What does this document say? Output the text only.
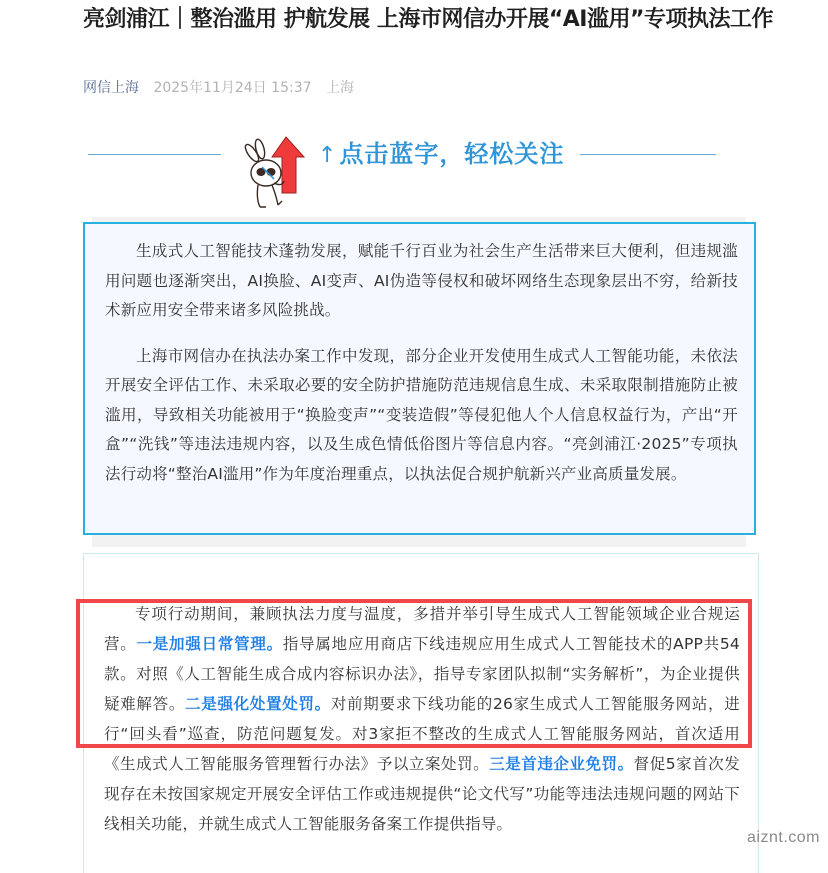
亮剑浦江｜整治滥用 护航发展 上海市网信办开展“AI滥用”专项执法工作
网信上海 2025年11月24日 15:37 上海
↑点击蓝字，轻松关注

生成式人工智能技术蓬勃发展，赋能千行百业为社会生产生活带来巨大便利，但违规滥用问题也逐渐突出，AI换脸、AI变声、AI伪造等侵权和破坏网络生态现象层出不穷，给新技术新应用安全带来诸多风险挑战。

上海市网信办在执法办案工作中发现，部分企业开发使用生成式人工智能功能，未依法开展安全评估工作、未采取必要的安全防护措施防范违规信息生成、未采取限制措施防止被滥用，导致相关功能被用于“换脸变声”“变装造假”等侵犯他人个人信息权益行为，产出“开盒”“洗钱”等违法违规内容，以及生成色情低俗图片等信息内容。“亮剑浦江·2025”专项执法行动将“整治AI滥用”作为年度治理重点，以执法促合规护航新兴产业高质量发展。

专项行动期间，兼顾执法力度与温度，多措并举引导生成式人工智能领域企业合规运营。一是加强日常管理。指导属地应用商店下线违规应用生成式人工智能技术的APP共54款。对照《人工智能生成合成内容标识办法》，指导专家团队拟制“实务解析”，为企业提供疑难解答。二是强化处置处罚。对前期要求下线功能的26家生成式人工智能服务网站，进行“回头看”巡查，防范问题复发。对3家拒不整改的生成式人工智能服务网站，首次适用《生成式人工智能服务管理暂行办法》予以立案处罚。三是首违企业免罚。督促5家首次发现存在未按国家规定开展安全评估工作或违规提供“论文代写”功能等违法违规问题的网站下线相关功能，并就生成式人工智能服务备案工作提供指导。

aiznt.com
